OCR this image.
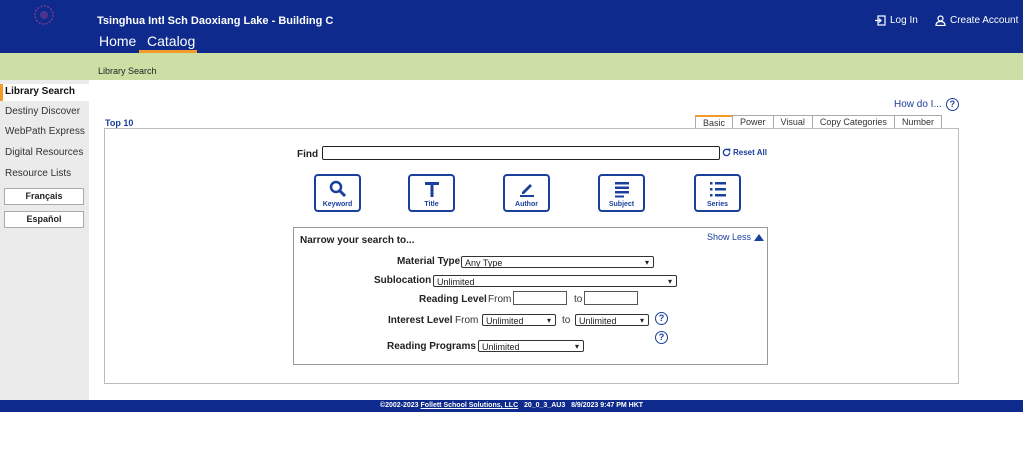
Tsinghua Intl Sch Daoxiang Lake - Building C
Home Catalog
Log In	Create Account
Library Search
Library Search
Destiny Discover
WebPath Express
Digital Resources
Resource Lists
Français
Español
How do I... ?
Top 10	Basic	Power	Visual	Copy Categories	Number
Find	Reset All
Keyword	Title	Author	Subject	Series
Narrow your search to...	Show Less
Material Type Any Type	▾
Sublocation Unlimited	▾
Reading Level From	to
Interest Level From Unlimited	▾ to Unlimited	▾	?
?
Reading Programs Unlimited	▾
©2002-2023 Follett School Solutions, LLC 20_0_3_AU3 8/9/2023 9:47 PM HKT
